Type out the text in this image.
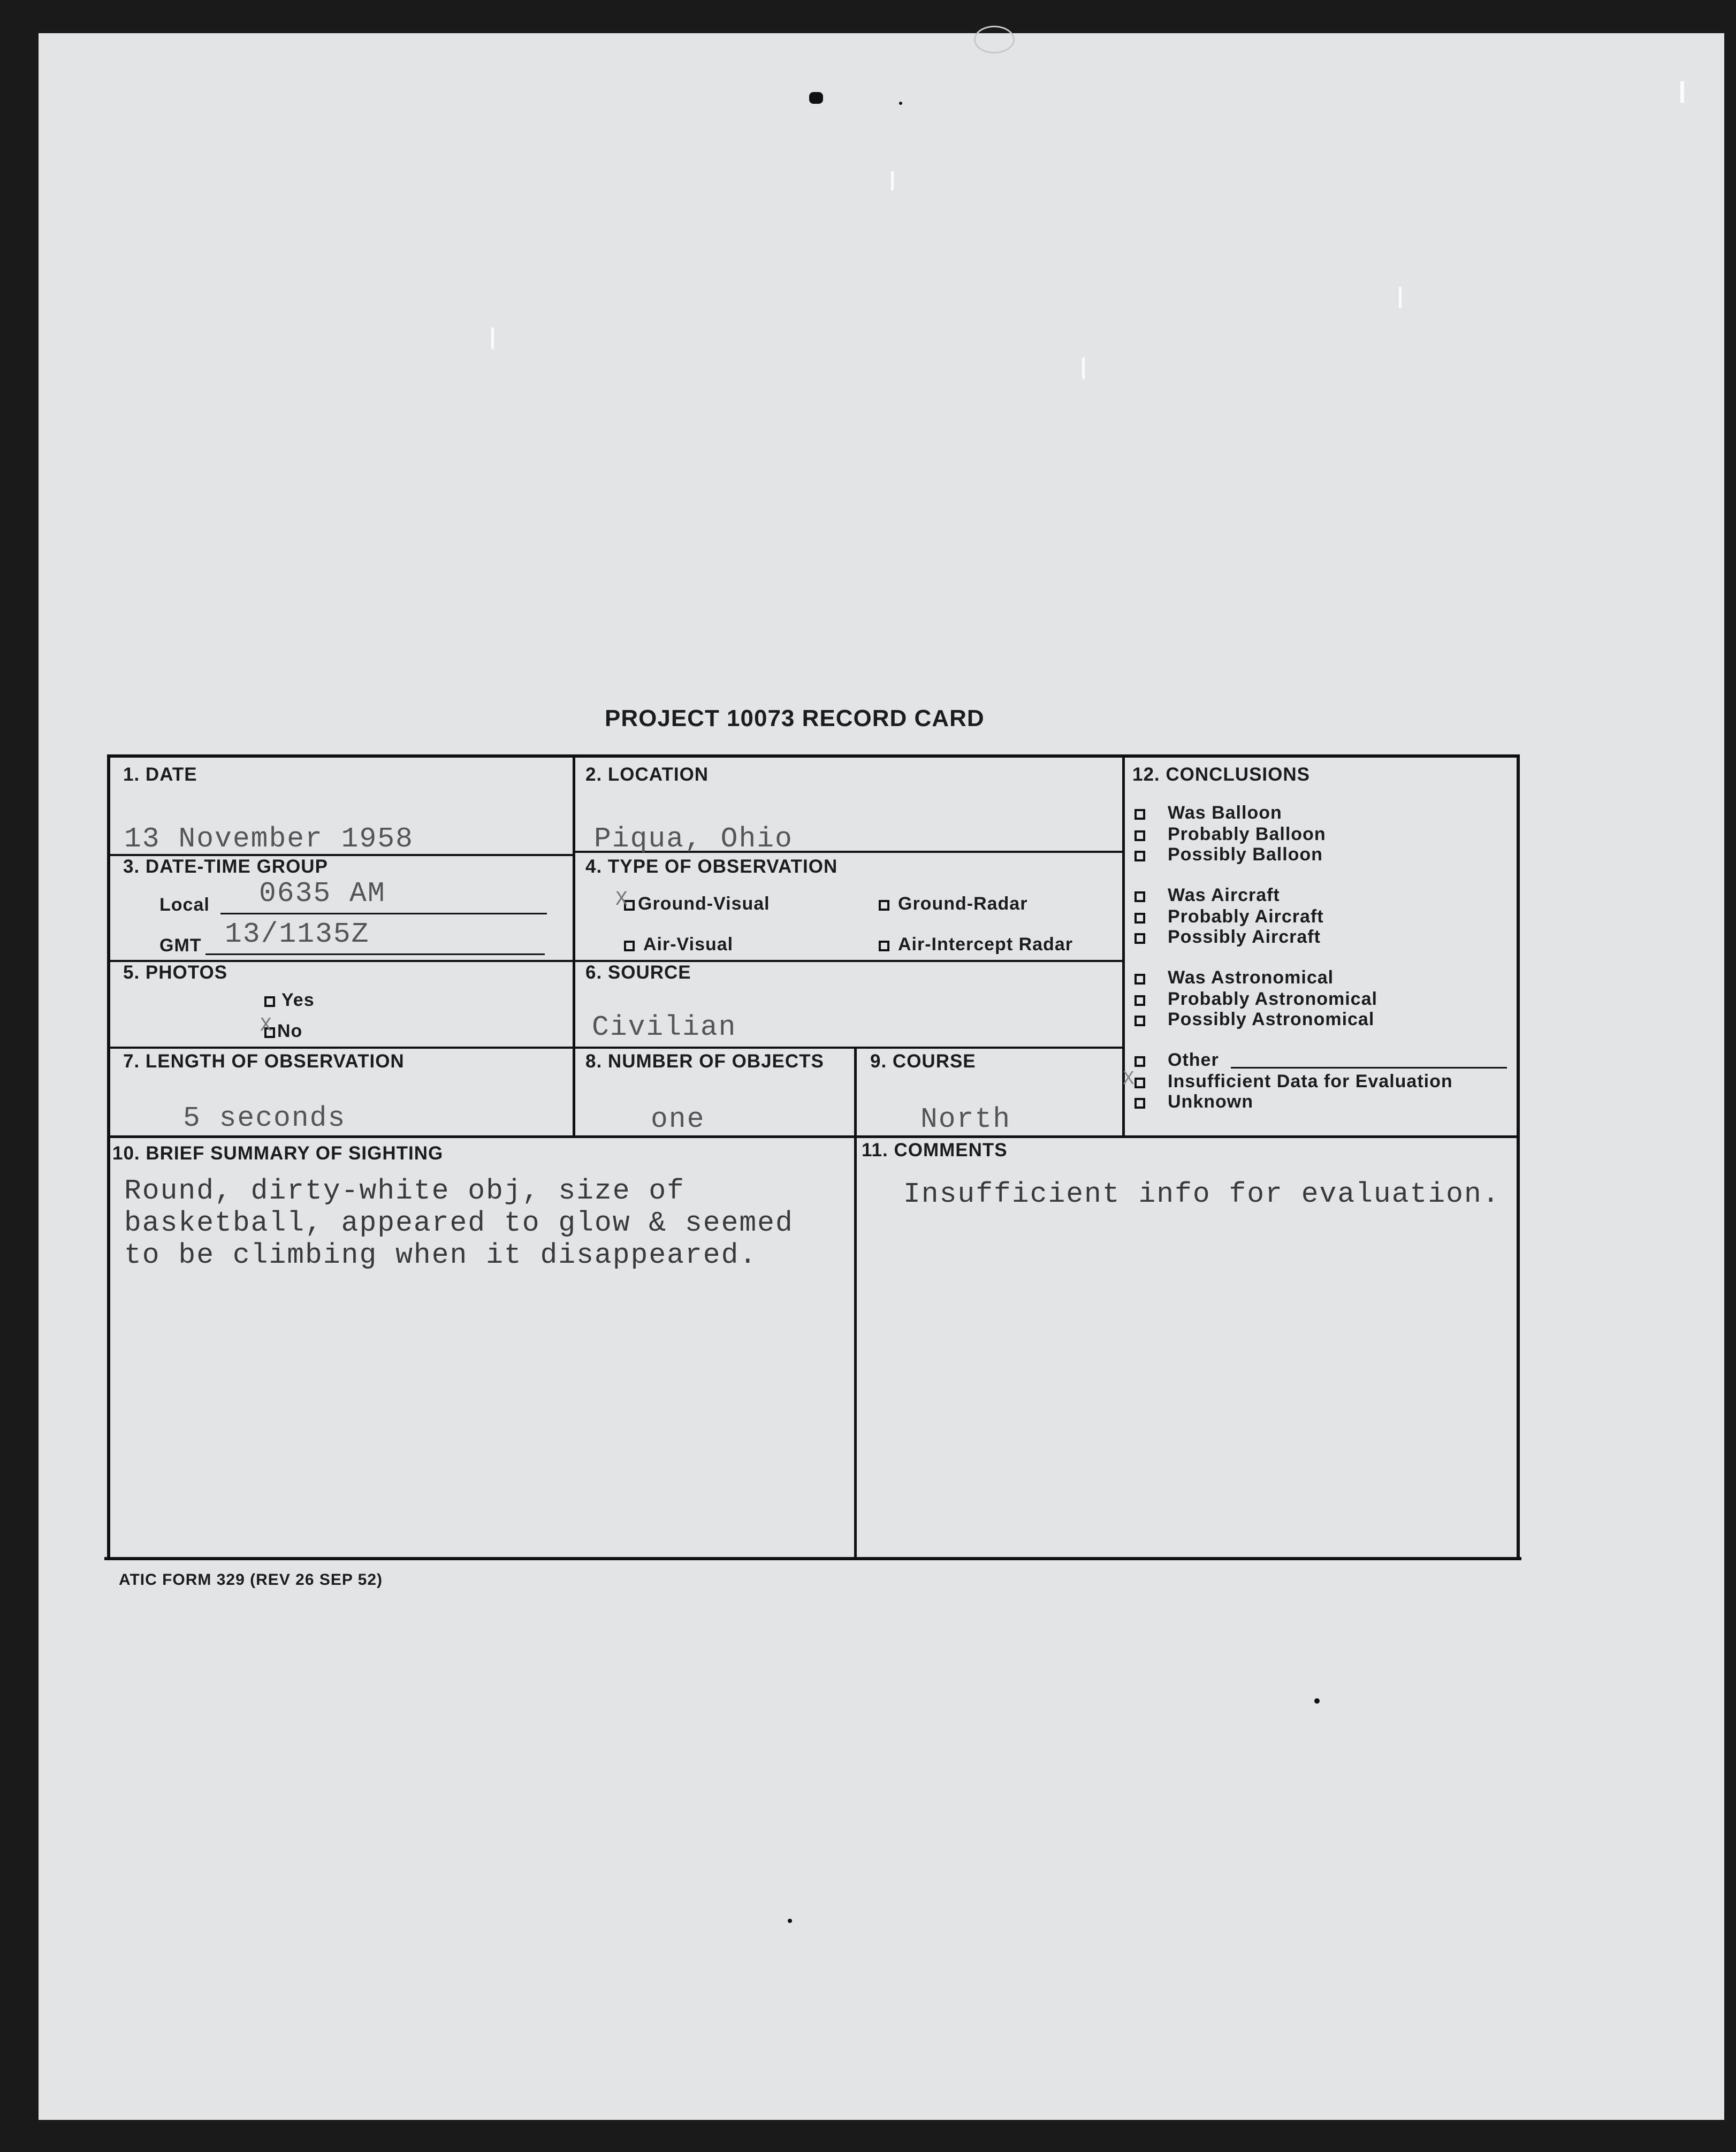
PROJECT 10073 RECORD CARD
1. DATE
13 November 1958
2. LOCATION
Piqua, Ohio
3. DATE-TIME GROUP
Local 0635 AM
GMT 13/1135Z
4. TYPE OF OBSERVATION
Ground-Visual
X	Ground-Radar
Air-Visual	Air-Intercept Radar
5. PHOTOS
Yes
No
X
6. SOURCE
Civilian
7. LENGTH OF OBSERVATION
5 seconds
8. NUMBER OF OBJECTS
one
9. COURSE
North
12. CONCLUSIONS
Was Balloon
Probably Balloon
Possibly Balloon
Was Aircraft
Probably Aircraft
Possibly Aircraft
Was Astronomical
Probably Astronomical
Possibly Astronomical
Other
Insufficient Data for Evaluation
Unknown
X
10. BRIEF SUMMARY OF SIGHTING
Round, dirty-white obj, size of
basketball, appeared to glow & seemed
to be climbing when it disappeared.
11. COMMENTS
Insufficient info for evaluation.
ATIC FORM 329 (REV 26 SEP 52)
